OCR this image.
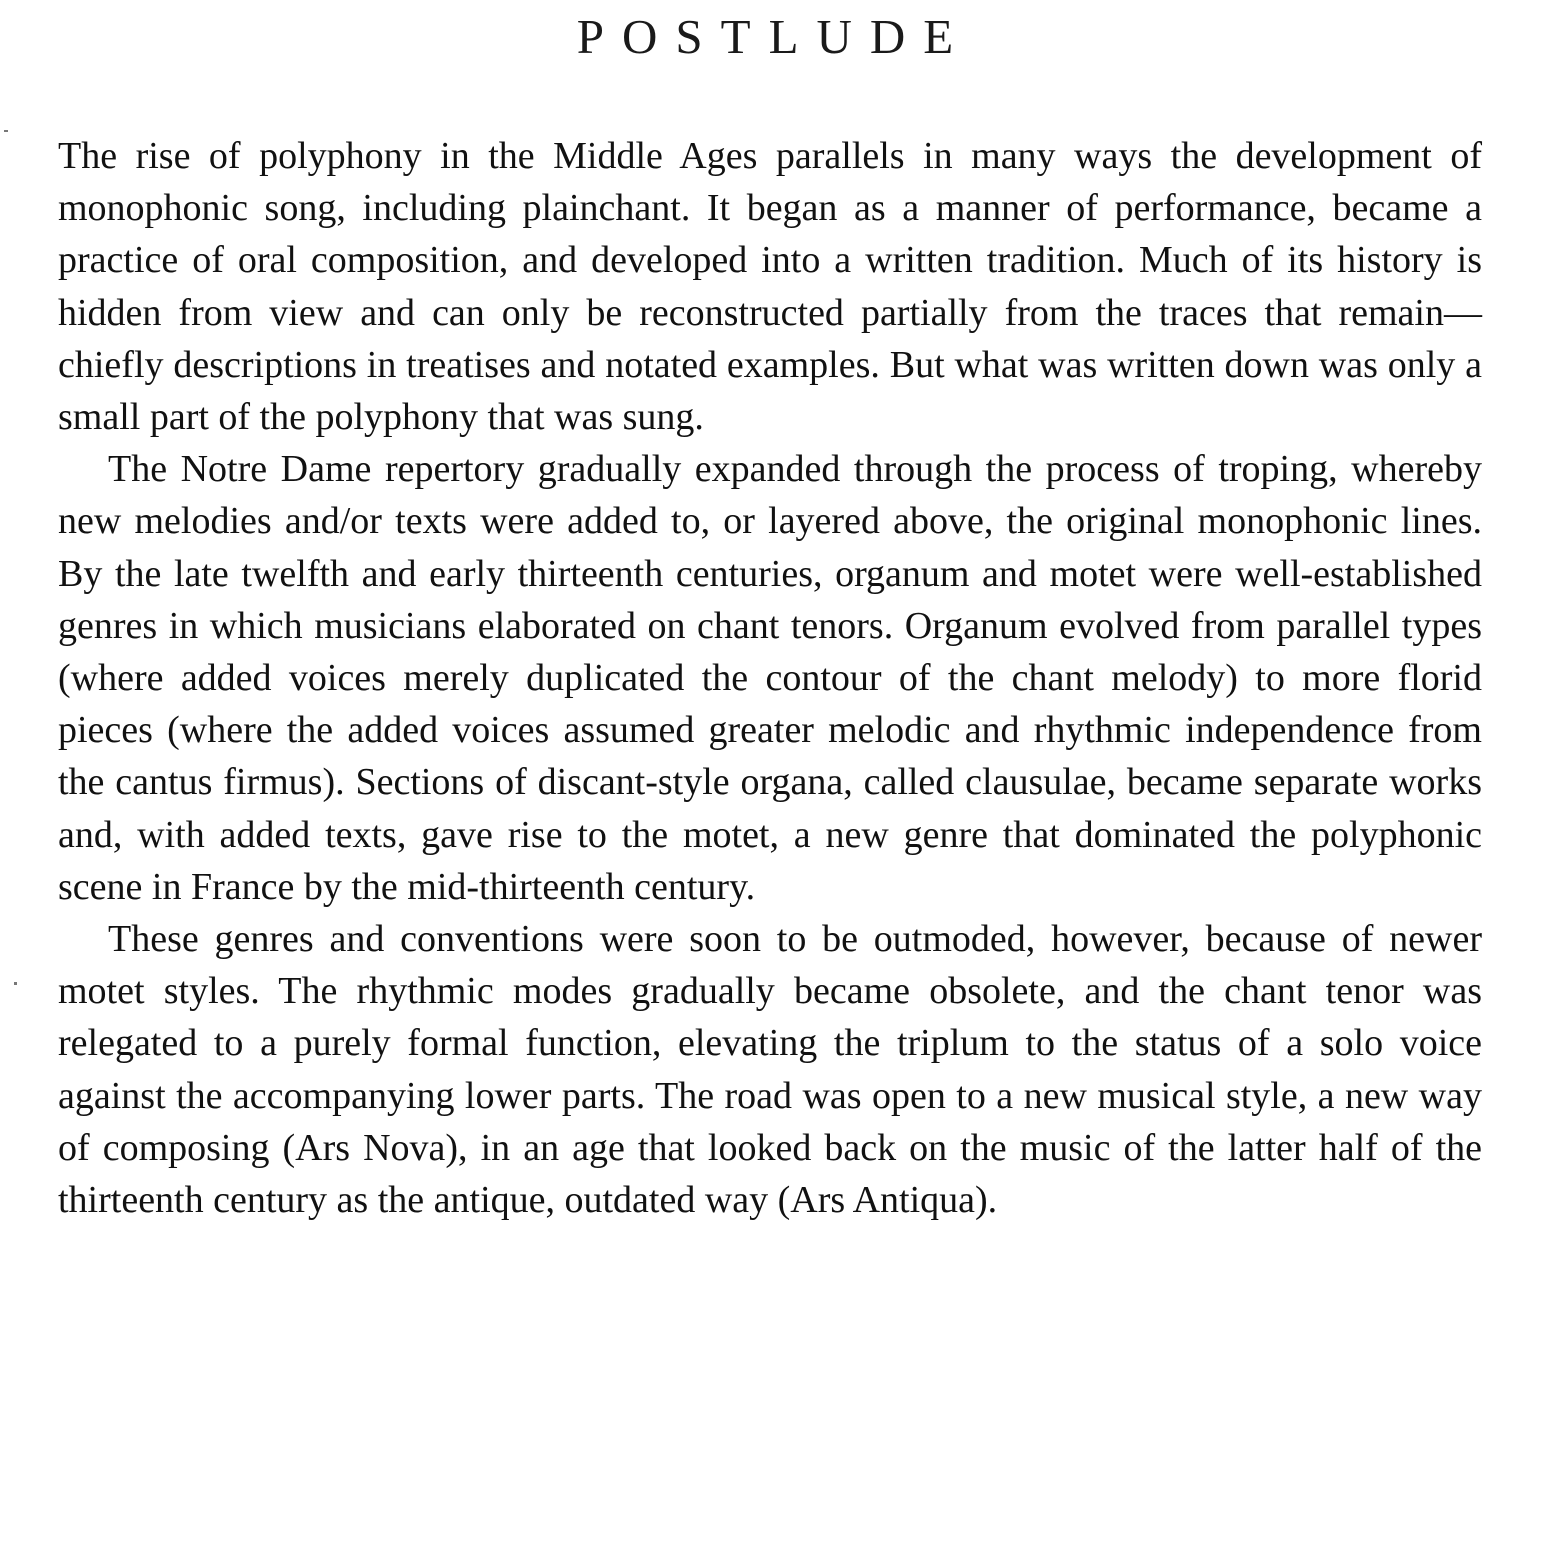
POSTLUDE

The rise of polyphony in the Middle Ages parallels in many ways the development of monophonic song, including plainchant. It began as a manner of performance, became a practice of oral composition, and developed into a written tradition. Much of its history is hidden from view and can only be reconstructed partially from the traces that remain—chiefly descriptions in treatises and notated examples. But what was written down was only a small part of the polyphony that was sung.

The Notre Dame repertory gradually expanded through the process of troping, whereby new melodies and/or texts were added to, or layered above, the original monophonic lines. By the late twelfth and early thirteenth centuries, organum and motet were well-established genres in which musicians elaborated on chant tenors. Organum evolved from parallel types (where added voices merely duplicated the contour of the chant melody) to more florid pieces (where the added voices assumed greater melodic and rhythmic independence from the cantus firmus). Sections of discant-style organa, called clausulae, became separate works and, with added texts, gave rise to the motet, a new genre that dominated the polyphonic scene in France by the mid-thirteenth century.

These genres and conventions were soon to be outmoded, however, because of newer motet styles. The rhythmic modes gradually became obsolete, and the chant tenor was relegated to a purely formal function, elevating the triplum to the status of a solo voice against the accompanying lower parts. The road was open to a new musical style, a new way of composing (Ars Nova), in an age that looked back on the music of the latter half of the thirteenth century as the antique, outdated way (Ars Antiqua).
